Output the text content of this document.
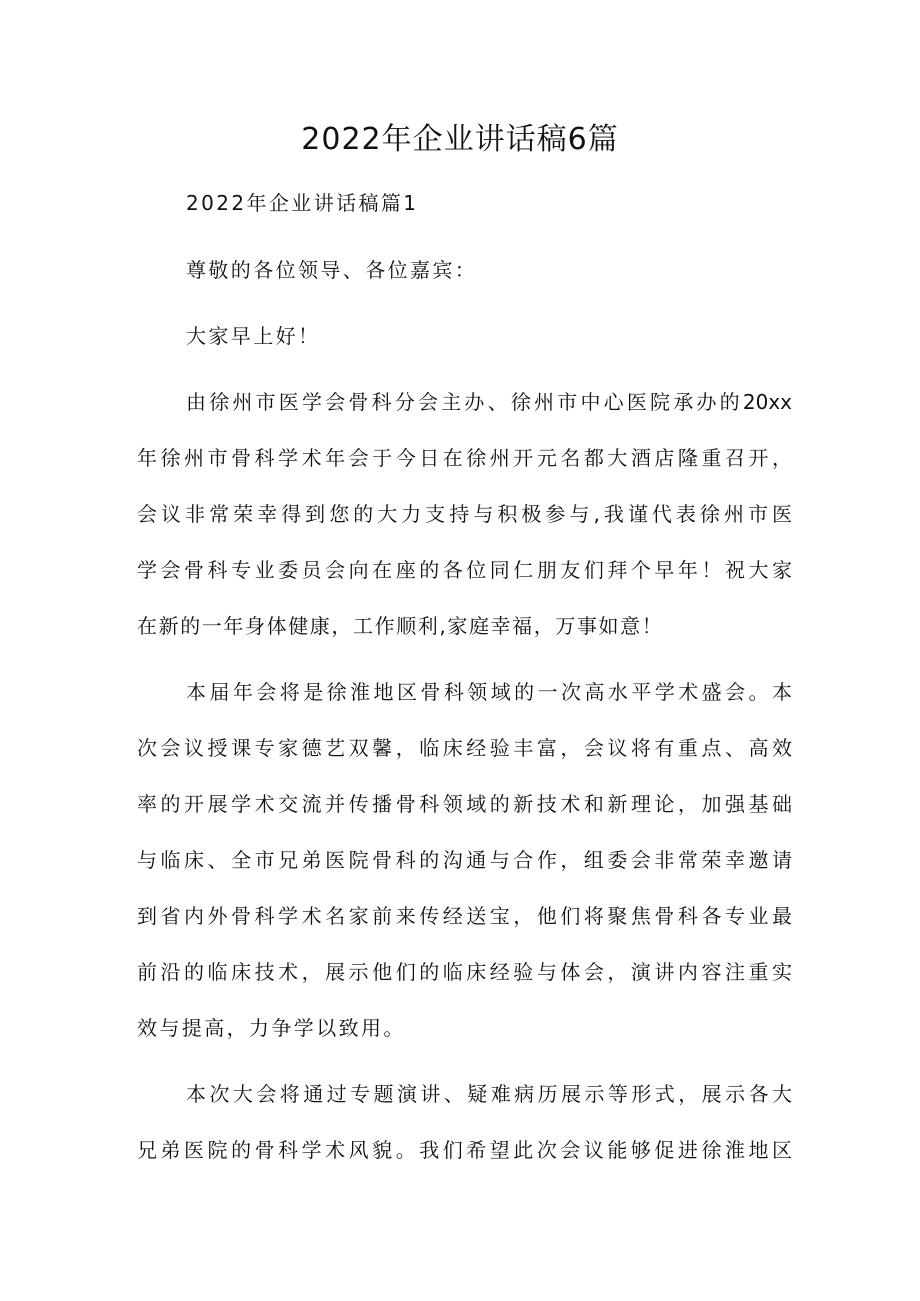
2022年企业讲话稿6篇

2022年企业讲话稿篇1

尊敬的各位领导、各位嘉宾：

大家早上好！

由徐州市医学会骨科分会主办、徐州市中心医院承办的20xx

年徐州市骨科学术年会于今日在徐州开元名都大酒店隆重召开，

会议非常荣幸得到您的大力支持与积极参与,我谨代表徐州市医

学会骨科专业委员会向在座的各位同仁朋友们拜个早年！祝大家

在新的一年身体健康，工作顺利,家庭幸福，万事如意！

本届年会将是徐淮地区骨科领域的一次高水平学术盛会。本

次会议授课专家德艺双馨，临床经验丰富，会议将有重点、高效

率的开展学术交流并传播骨科领域的新技术和新理论，加强基础

与临床、全市兄弟医院骨科的沟通与合作，组委会非常荣幸邀请

到省内外骨科学术名家前来传经送宝，他们将聚焦骨科各专业最

前沿的临床技术，展示他们的临床经验与体会，演讲内容注重实

效与提高，力争学以致用。

本次大会将通过专题演讲、疑难病历展示等形式，展示各大

兄弟医院的骨科学术风貌。我们希望此次会议能够促进徐淮地区
